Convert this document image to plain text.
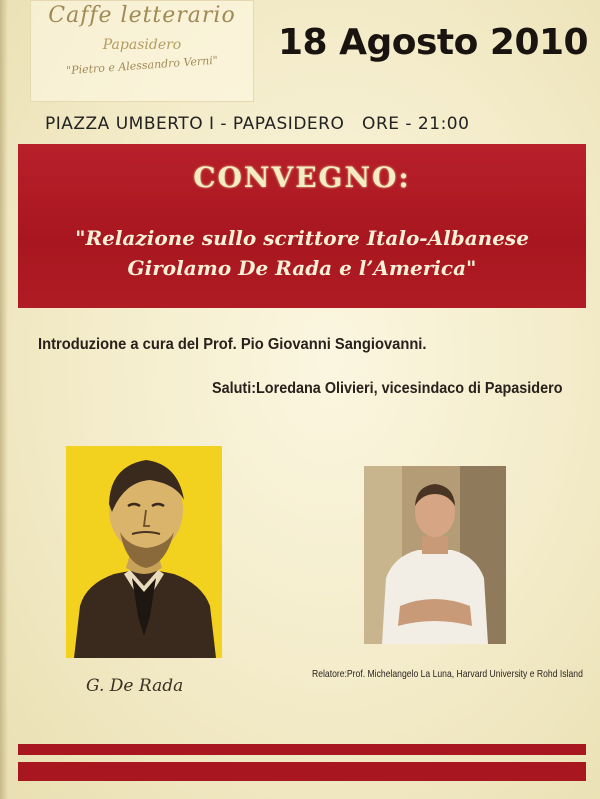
Caffe letterario
Papasidero
"Pietro e Alessandro Verni"
18 Agosto 2010
PIAZZA UMBERTO I - PAPASIDERO   ORE - 21:00
CONVEGNO:
"Relazione sullo scrittore Italo-Albanese
Girolamo De Rada e l’America"
Introduzione a cura del Prof. Pio Giovanni Sangiovanni.
Saluti:Loredana Olivieri, vicesindaco di Papasidero
G. De Rada
Relatore:Prof. Michelangelo La Luna, Harvard University e Rohd Island
